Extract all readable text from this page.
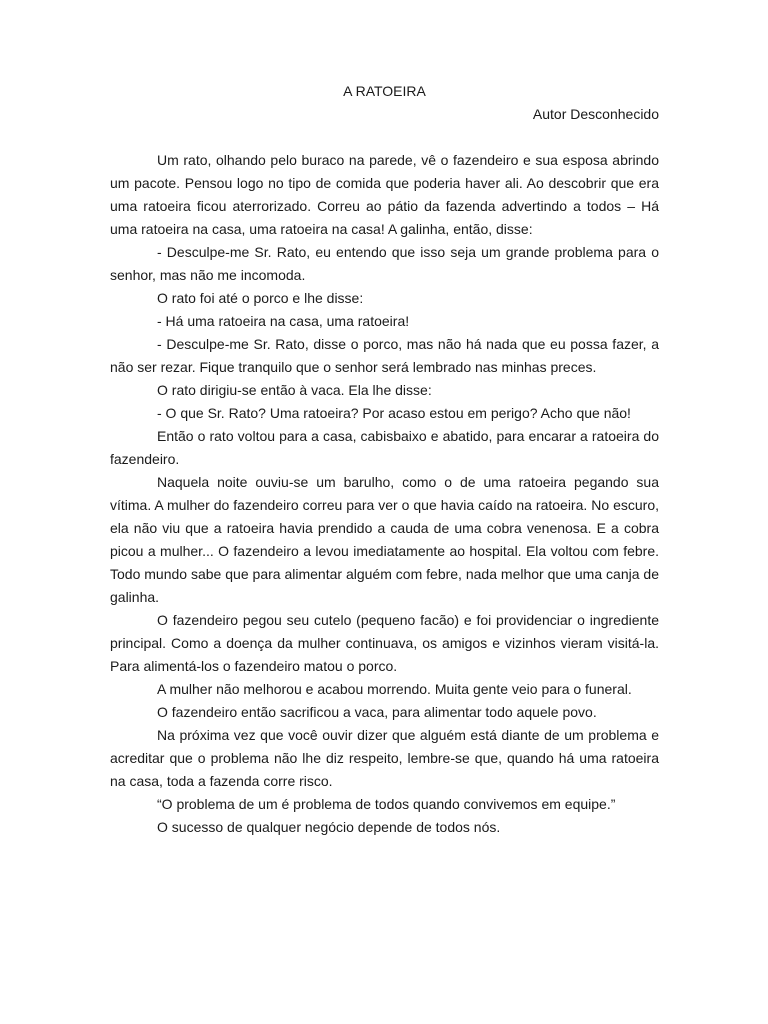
A RATOEIRA

Autor Desconhecido

Um rato, olhando pelo buraco na parede, vê o fazendeiro e sua esposa abrindo um pacote. Pensou logo no tipo de comida que poderia haver ali. Ao descobrir que era uma ratoeira ficou aterrorizado. Correu ao pátio da fazenda advertindo a todos – Há uma ratoeira na casa, uma ratoeira na casa! A galinha, então, disse:

- Desculpe-me Sr. Rato, eu entendo que isso seja um grande problema para o senhor, mas não me incomoda.

O rato foi até o porco e lhe disse:

- Há uma ratoeira na casa, uma ratoeira!

- Desculpe-me Sr. Rato, disse o porco, mas não há nada que eu possa fazer, a não ser rezar. Fique tranquilo que o senhor será lembrado nas minhas preces.

O rato dirigiu-se então à vaca. Ela lhe disse:

- O que Sr. Rato? Uma ratoeira? Por acaso estou em perigo? Acho que não!

Então o rato voltou para a casa, cabisbaixo e abatido, para encarar a ratoeira do fazendeiro.

Naquela noite ouviu-se um barulho, como o de uma ratoeira pegando sua vítima. A mulher do fazendeiro correu para ver o que havia caído na ratoeira. No escuro, ela não viu que a ratoeira havia prendido a cauda de uma cobra venenosa. E a cobra picou a mulher... O fazendeiro a levou imediatamente ao hospital. Ela voltou com febre. Todo mundo sabe que para alimentar alguém com febre, nada melhor que uma canja de galinha.

O fazendeiro pegou seu cutelo (pequeno facão) e foi providenciar o ingrediente principal. Como a doença da mulher continuava, os amigos e vizinhos vieram visitá-la. Para alimentá-los o fazendeiro matou o porco.

A mulher não melhorou e acabou morrendo. Muita gente veio para o funeral.

O fazendeiro então sacrificou a vaca, para alimentar todo aquele povo.

Na próxima vez que você ouvir dizer que alguém está diante de um problema e acreditar que o problema não lhe diz respeito, lembre-se que, quando há uma ratoeira na casa, toda a fazenda corre risco.

“O problema de um é problema de todos quando convivemos em equipe.”

O sucesso de qualquer negócio depende de todos nós.
